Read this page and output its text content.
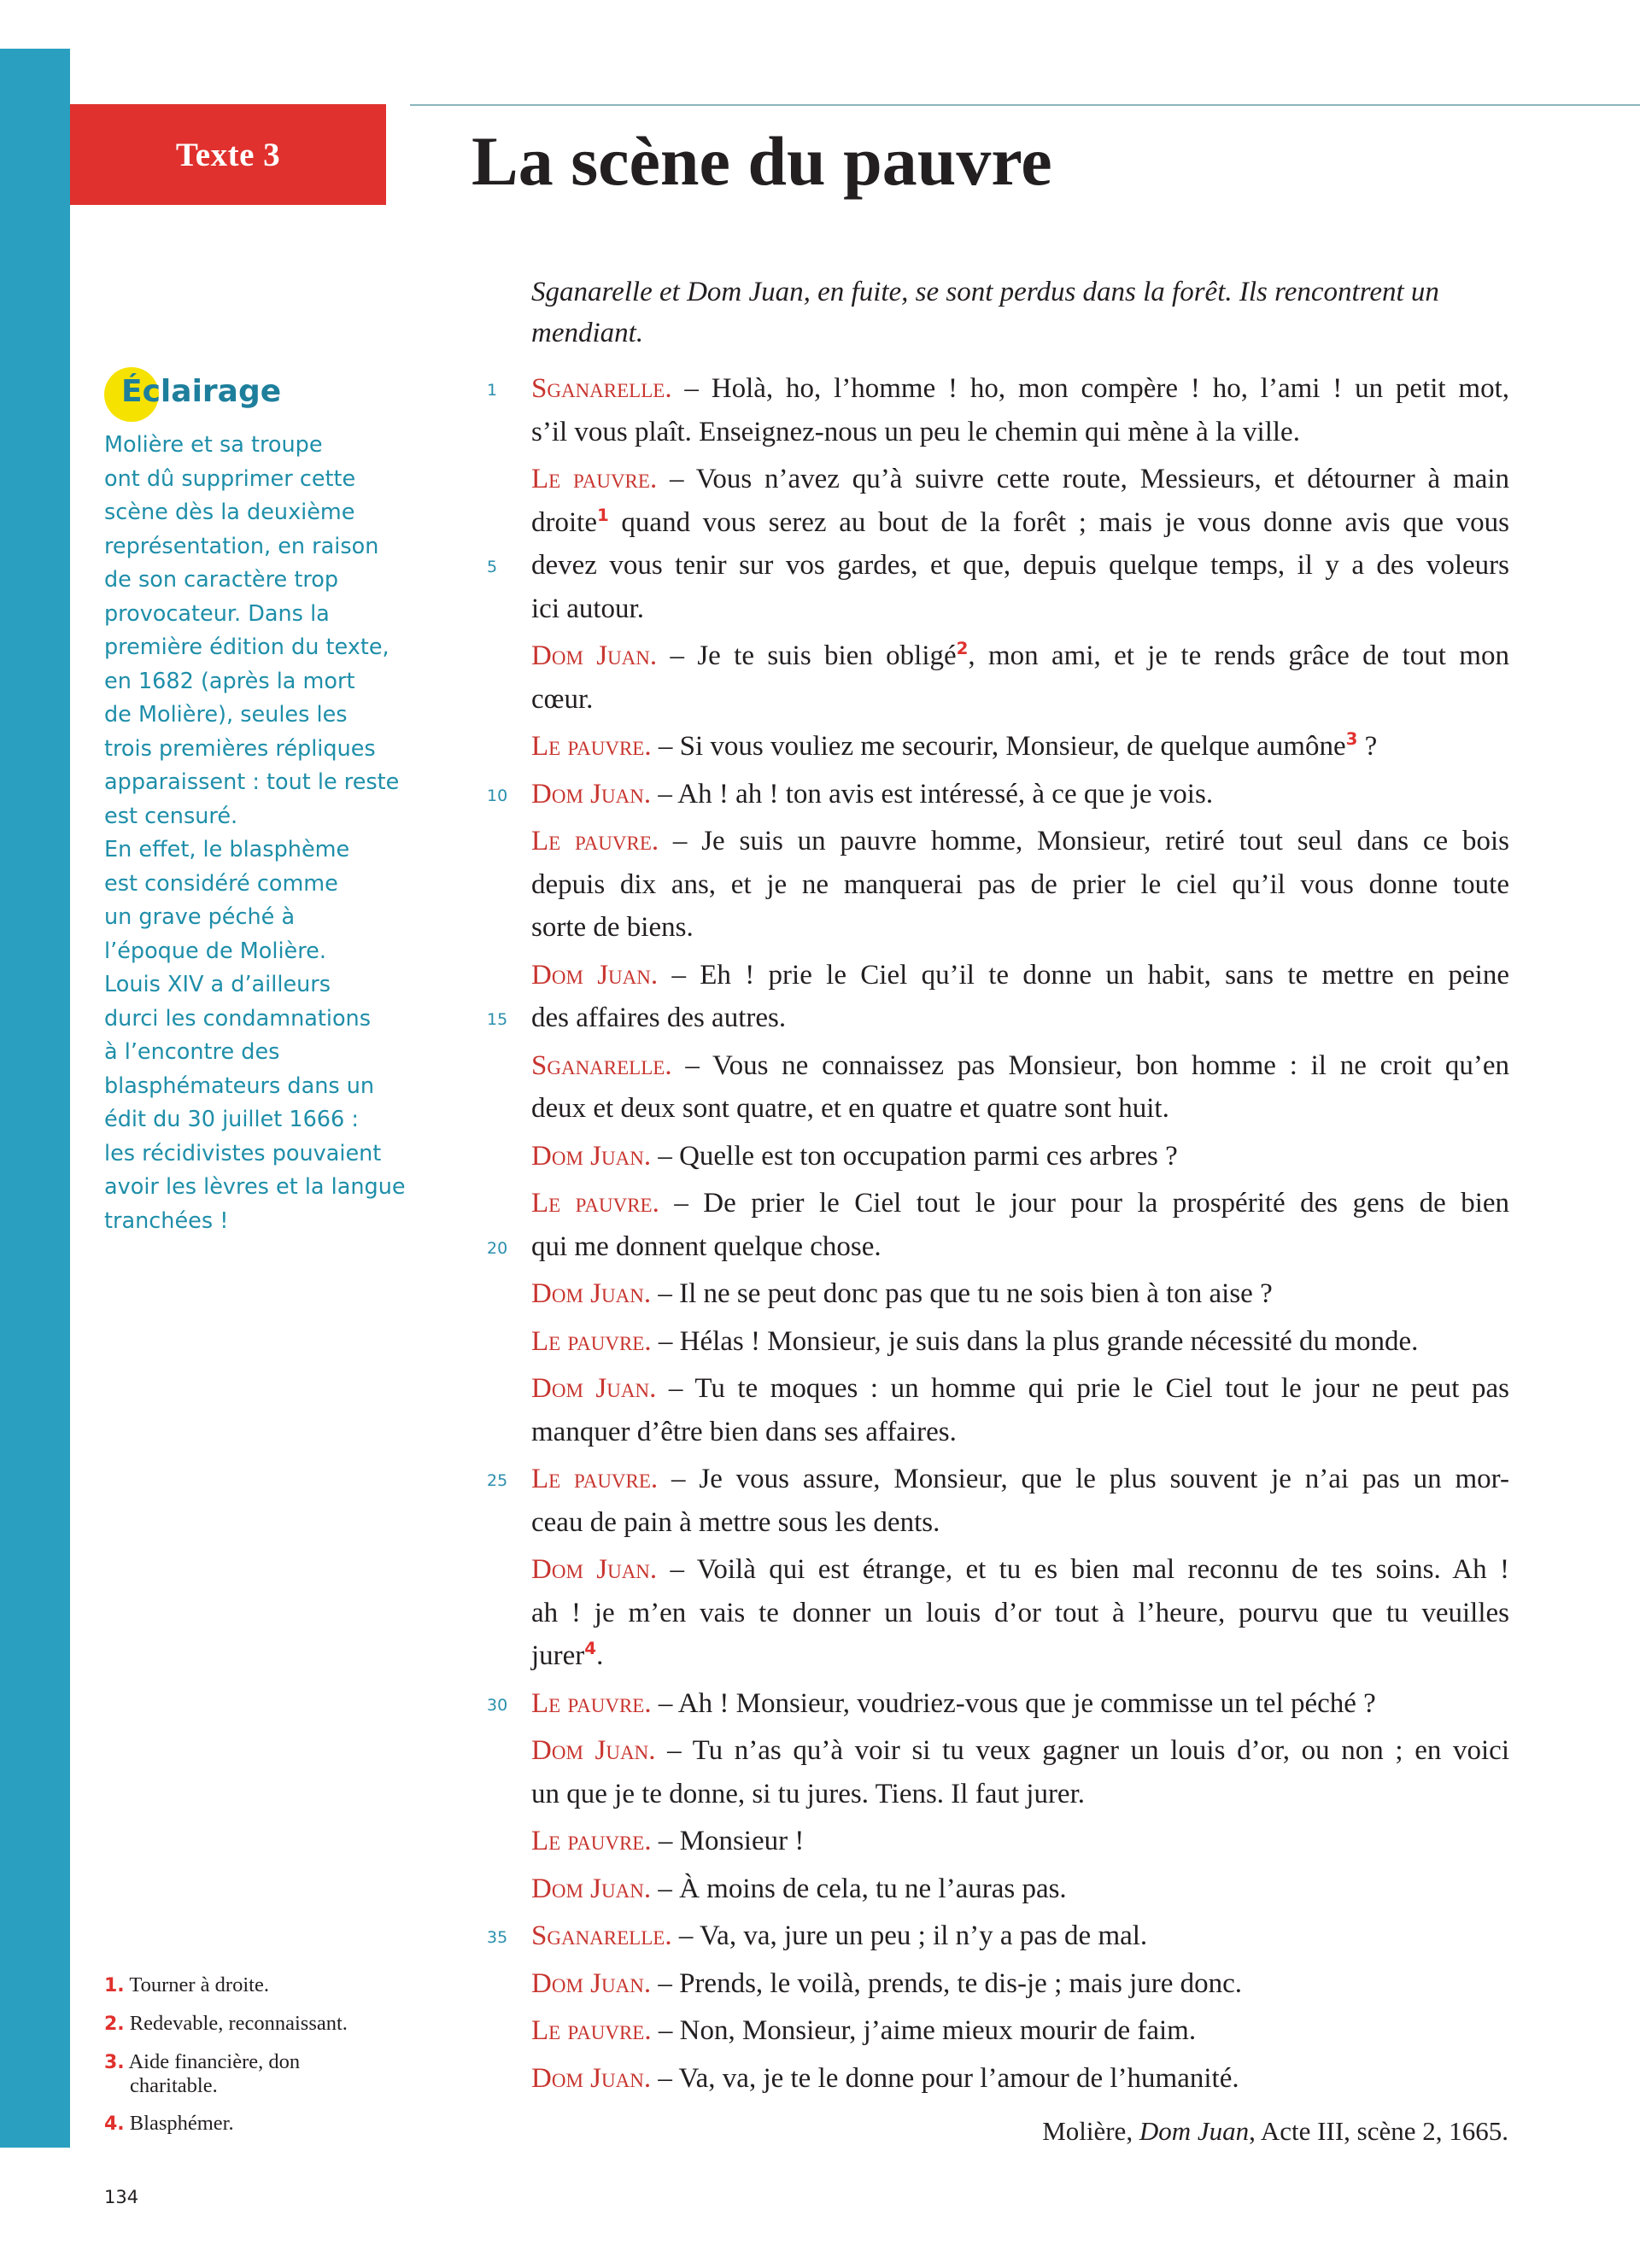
Texte 3	La scène du pauvre
Éclairage
Molière et sa troupe
ont dû supprimer cette
scène dès la deuxième
représentation, en raison
de son caractère trop
provocateur. Dans la
première édition du texte,
en 1682 (après la mort
de Molière), seules les
trois premières répliques
apparaissent : tout le reste
est censuré.
En effet, le blasphème
est considéré comme
un grave péché à
l’époque de Molière.
Louis XIV a d’ailleurs
durci les condamnations
à l’encontre des
blasphémateurs dans un
édit du 30 juillet 1666 :
les récidivistes pouvaient
avoir les lèvres et la langue
tranchées !

Sganarelle et Dom Juan, en fuite, se sont perdus dans la forêt. Ils rencontrent un mendiant.

1	Sganarelle. – Holà, ho, l’homme ! ho, mon compère ! ho, l’ami ! un petit mot,
s’il vous plaît. Enseignez-nous un peu le chemin qui mène à la ville.
Le pauvre. – Vous n’avez qu’à suivre cette route, Messieurs, et détourner à main
droite$^1$ quand vous serez au bout de la forêt ; mais je vous donne avis que vous
5	devez vous tenir sur vos gardes, et que, depuis quelque temps, il y a des voleurs
ici autour.
Dom Juan. – Je te suis bien obligé$^2$, mon ami, et je te rends grâce de tout mon
cœur.
Le pauvre. – Si vous vouliez me secourir, Monsieur, de quelque aumône$^3$ ?
10 Dom Juan. – Ah ! ah ! ton avis est intéressé, à ce que je vois.
Le pauvre. – Je suis un pauvre homme, Monsieur, retiré tout seul dans ce bois
depuis dix ans, et je ne manquerai pas de prier le ciel qu’il vous donne toute
sorte de biens.
Dom Juan. – Eh ! prie le Ciel qu’il te donne un habit, sans te mettre en peine
15 des affaires des autres.
Sganarelle. – Vous ne connaissez pas Monsieur, bon homme : il ne croit qu’en
deux et deux sont quatre, et en quatre et quatre sont huit.
Dom Juan. – Quelle est ton occupation parmi ces arbres ?
Le pauvre. – De prier le Ciel tout le jour pour la prospérité des gens de bien
20 qui me donnent quelque chose.
Dom Juan. – Il ne se peut donc pas que tu ne sois bien à ton aise ?
Le pauvre. – Hélas ! Monsieur, je suis dans la plus grande nécessité du monde.
Dom Juan. – Tu te moques : un homme qui prie le Ciel tout le jour ne peut pas
manquer d’être bien dans ses affaires.
25 Le pauvre. – Je vous assure, Monsieur, que le plus souvent je n’ai pas un mor-
ceau de pain à mettre sous les dents.
Dom Juan. – Voilà qui est étrange, et tu es bien mal reconnu de tes soins. Ah !
ah ! je m’en vais te donner un louis d’or tout à l’heure, pourvu que tu veuilles
jurer$^4$.
30 Le pauvre. – Ah ! Monsieur, voudriez-vous que je commisse un tel péché ?
Dom Juan. – Tu n’as qu’à voir si tu veux gagner un louis d’or, ou non ; en voici
un que je te donne, si tu jures. Tiens. Il faut jurer.
Le pauvre. – Monsieur !
Dom Juan. – À moins de cela, tu ne l’auras pas.
35 Sganarelle. – Va, va, jure un peu ; il n’y a pas de mal.
Dom Juan. – Prends, le voilà, prends, te dis-je ; mais jure donc.
Le pauvre. – Non, Monsieur, j’aime mieux mourir de faim.
Dom Juan. – Va, va, je te le donne pour l’amour de l’humanité.
Molière, Dom Juan, Acte III, scène 2, 1665.
1. Tourner à droite.
2. Redevable, reconnaissant.
3. Aide financière, don charitable.
4. Blasphémer.
134
